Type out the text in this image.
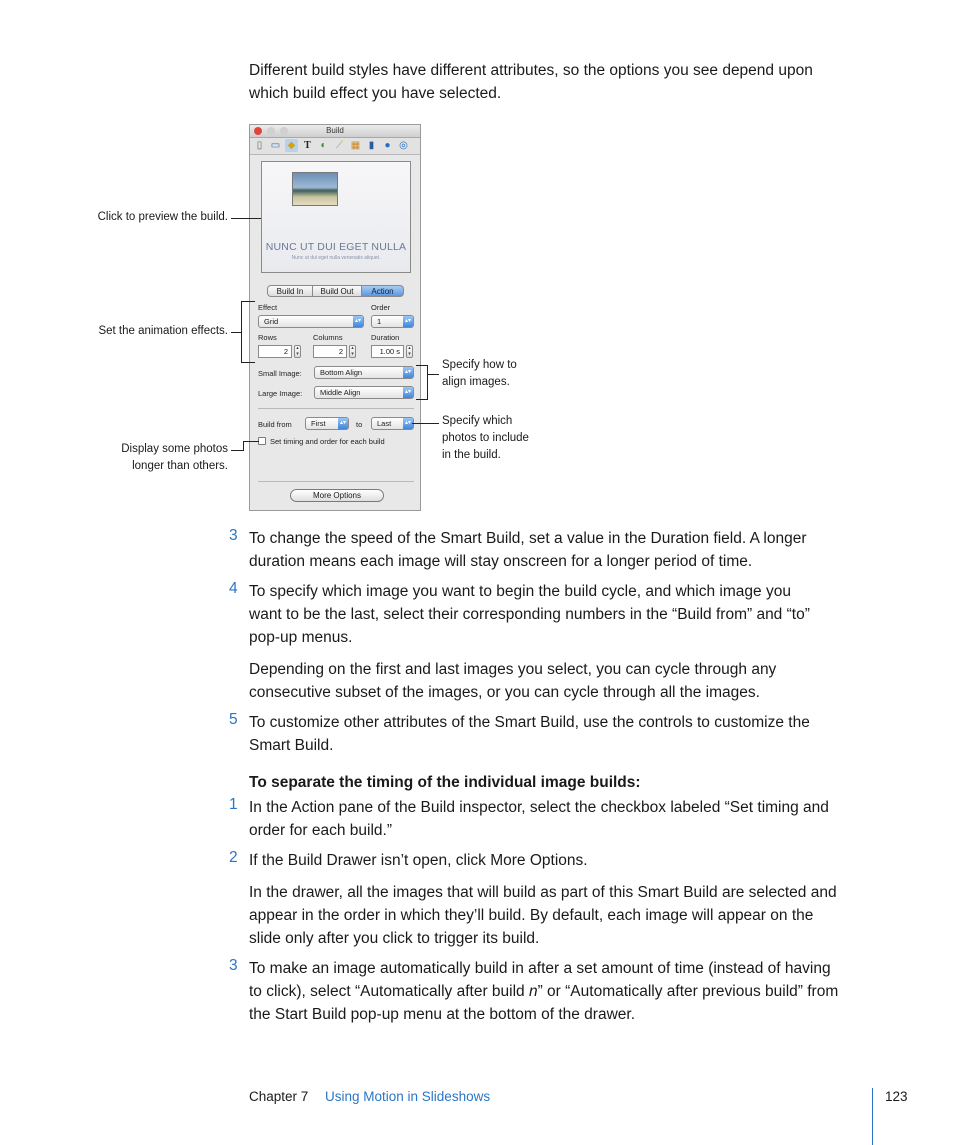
Different build styles have different attributes, so the options you see depend upon
which build effect you have selected.
Build
▯ ▭ ◆ T ◐ ⟋ ▦ ▮	● ◎
NUNC UT DUI EGET NULLA
Nunc ut dui eget nulla venenatis aliquet.
Build In	Build Out	Action
Effect	Order
Grid	▴▾	1	▴▾
Rows	Columns	Duration
2	▴
▾	2	▴
▾	1.00 s	▴
▾
Small Image:	Bottom Align	▴▾
Large Image:	Middle Align	▴▾
Build from	First	▴▾ to	Last	▴▾
Set timing and order for each build
More Options
Click to preview the build.
Set the animation effects.
Display some photos
longer than others.
Specify how to
align images.
Specify which
photos to include
in the build.
3 To change the speed of the Smart Build, set a value in the Duration field. A longer
duration means each image will stay onscreen for a longer period of time.
4 To specify which image you want to begin the build cycle, and which image you
want to be the last, select their corresponding numbers in the “Build from” and “to”
pop-up menus.
Depending on the first and last images you select, you can cycle through any
consecutive subset of the images, or you can cycle through all the images.
5 To customize other attributes of the Smart Build, use the controls to customize the
Smart Build.
To separate the timing of the individual image builds:
1 In the Action pane of the Build inspector, select the checkbox labeled “Set timing and
order for each build.”
2 If the Build Drawer isn’t open, click More Options.
In the drawer, all the images that will build as part of this Smart Build are selected and
appear in the order in which they’ll build. By default, each image will appear on the
slide only after you click to trigger its build.
3 To make an image automatically build in after a set amount of time (instead of having
to click), select “Automatically after build n” or “Automatically after previous build” from
the Start Build pop-up menu at the bottom of the drawer.
Chapter 7 Using Motion in Slideshows	123
